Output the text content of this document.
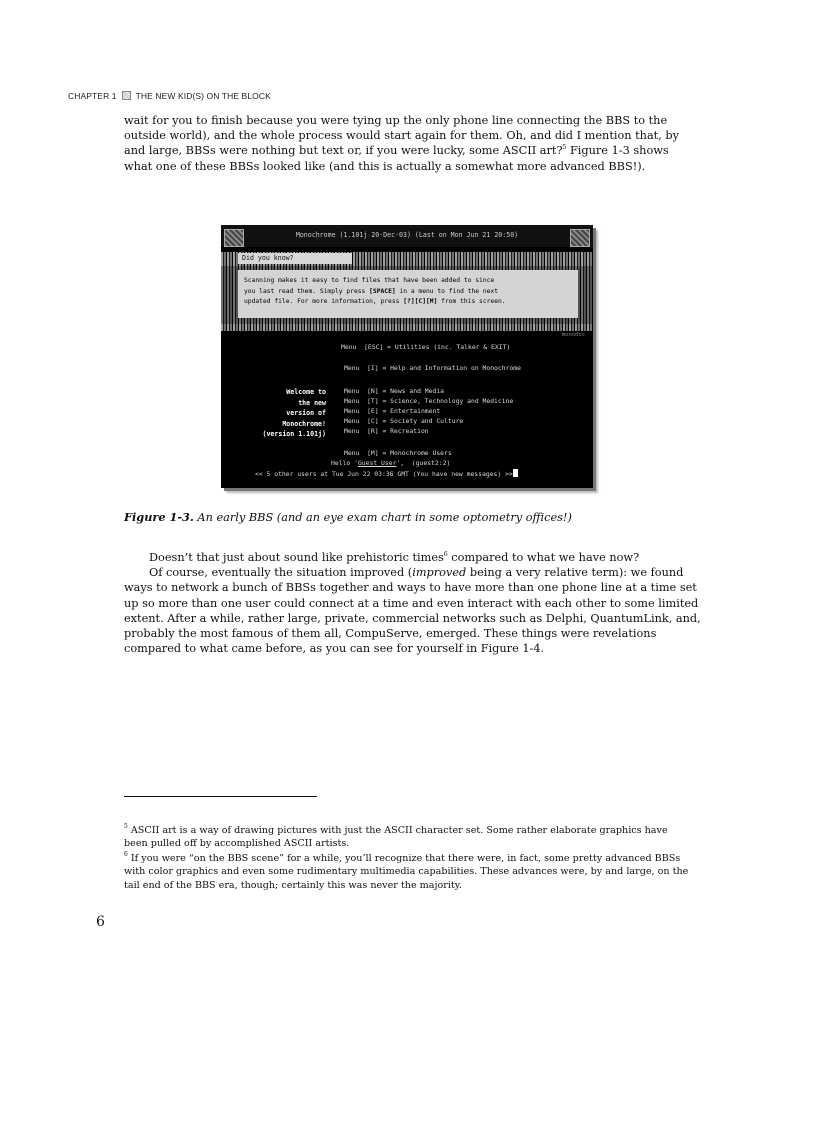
CHAPTER 1 THE NEW KID(S) ON THE BLOCK

wait for you to finish because you were tying up the only phone line connecting the BBS to the outside world), and the whole process would start again for them. Oh, and did I mention that, by and large, BBSs were nothing but text or, if you were lucky, some ASCII art?$^5$ Figure 1-3 shows what one of these BBSs looked like (and this is actually a somewhat more advanced BBS!).

Monochrome (1.101j 20-Dec-03) (Last on Mon Jun 21 20:50)
Did you know?
Scanning makes it easy to find files that have been added to since
you last read them. Simply press [SPACE] in a menu to find the next
updated file. For more information, press [?][C][M] from this screen.
monodoc
Menu  [ESC] = Utilities (inc. Talker & EXIT)
Menu  [I] = Help and Information on Monochrome
Menu  [N] = News and Media
Menu  [T] = Science, Technology and Medicine
Menu  [E] = Entertainment
Menu  [C] = Society and Culture
Menu  [R] = Recreation
Menu  [M] = Monochrome Users
Welcome to
the new
version of
Monochrome!
(version 1.101j)
Hello 'Guest User',  (guest2:2)
<< 5 other users at Tue Jun 22 03:36 GMT (You have new messages) >>

Figure 1-3. An early BBS (and an eye exam chart in some optometry offices!)

Doesn’t that just about sound like prehistoric times$^6$ compared to what we have now?
Of course, eventually the situation improved (improved being a very relative term): we found ways to network a bunch of BBSs together and ways to have more than one phone line at a time set up so more than one user could connect at a time and even interact with each other to some limited extent. After a while, rather large, private, commercial networks such as Delphi, QuantumLink, and, probably the most famous of them all, CompuServe, emerged. These things were revelations compared to what came before, as you can see for yourself in Figure 1-4.

$^5$ ASCII art is a way of drawing pictures with just the ASCII character set. Some rather elaborate graphics have been pulled off by accomplished ASCII artists.

$^6$ If you were “on the BBS scene” for a while, you’ll recognize that there were, in fact, some pretty advanced BBSs with color graphics and even some rudimentary multimedia capabilities. These advances were, by and large, on the tail end of the BBS era, though; certainly this was never the majority.

6
